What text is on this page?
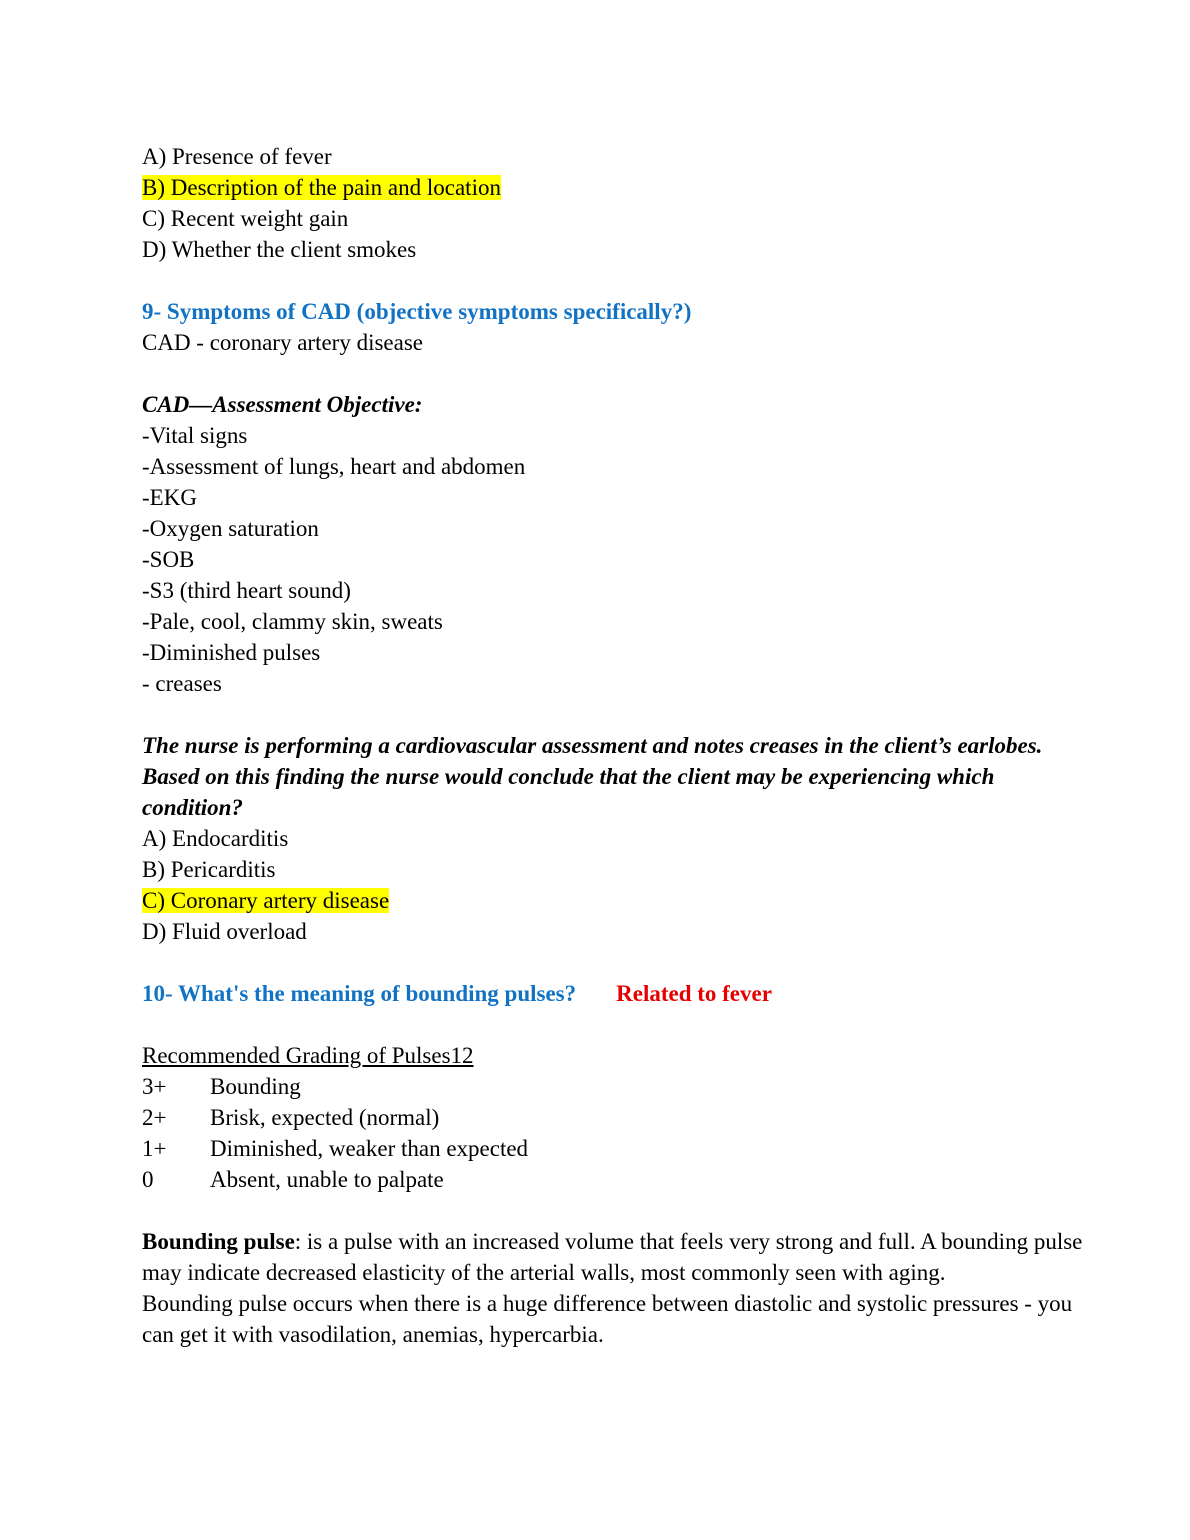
A) Presence of fever

B) Description of the pain and location

C) Recent weight gain

D) Whether the client smokes

9- Symptoms of CAD (objective symptoms specifically?)

CAD - coronary artery disease

CAD—Assessment Objective:

-Vital signs

-Assessment of lungs, heart and abdomen

-EKG

-Oxygen saturation

-SOB

-S3 (third heart sound)

-Pale, cool, clammy skin, sweats

-Diminished pulses

- creases

The nurse is performing a cardiovascular assessment and notes creases in the client’s earlobes. Based on this finding the nurse would conclude that the client may be experiencing which condition?

A) Endocarditis

B) Pericarditis

C) Coronary artery disease

D) Fluid overload

10- What's the meaning of bounding pulses? Related to fever

Recommended Grading of Pulses12

3+ Bounding

2+ Brisk, expected (normal)

1+ Diminished, weaker than expected

0 Absent, unable to palpate

Bounding pulse: is a pulse with an increased volume that feels very strong and full. A bounding pulse may indicate decreased elasticity of the arterial walls, most commonly seen with aging.

Bounding pulse occurs when there is a huge difference between diastolic and systolic pressures - you can get it with vasodilation, anemias, hypercarbia.
